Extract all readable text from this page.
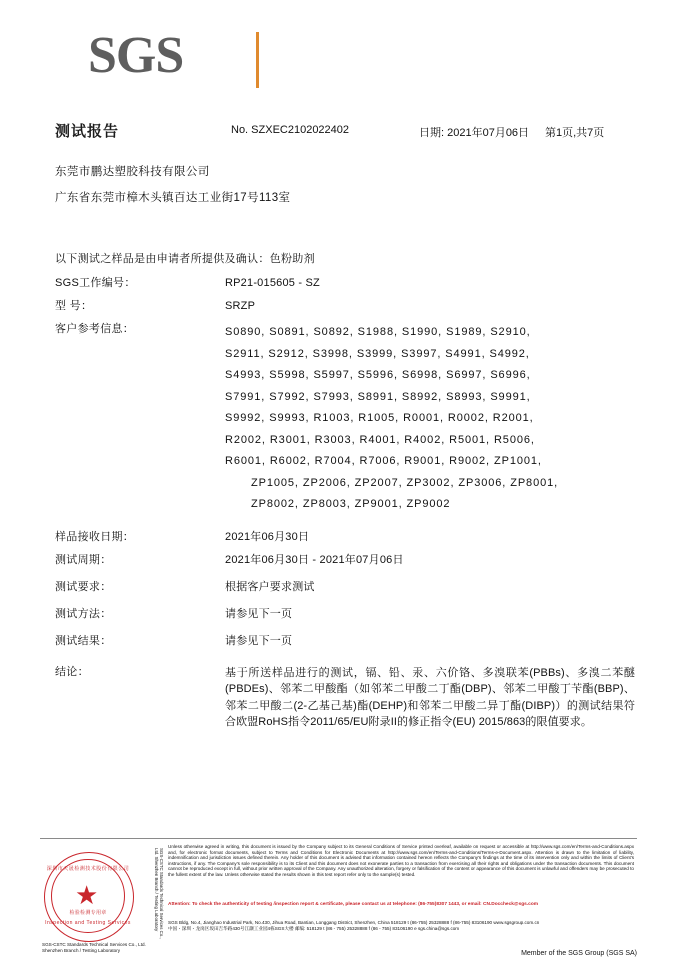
SGS
测试报告	No. SZXEC2102022402	日期: 2021年07月06日 第1页,共7页
东莞市鹏达塑胶科技有限公司
广东省东莞市樟木头镇百达工业街17号113室
以下测试之样品是由申请者所提供及确认：色粉助剂
SGS工作编号：	RP21-015605 - SZ
型 号：	SRZP
客户参考信息：	S0890, S0891, S0892, S1988, S1990, S1989, S2910,
S2911, S2912, S3998, S3999, S3997, S4991, S4992,
S4993, S5998, S5997, S5996, S6998, S6997, S6996,
S7991, S7992, S7993, S8991, S8992, S8993, S9991,
S9992, S9993, R1003, R1005, R0001, R0002, R2001,
R2002, R3001, R3003, R4001, R4002, R5001, R5006,
R6001, R6002, R7004, R7006, R9001, R9002, ZP1001,
ZP1005, ZP2006, ZP2007, ZP3002, ZP3006, ZP8001,
ZP8002, ZP8003, ZP9001, ZP9002
样品接收日期：	2021年06月30日
测试周期：	2021年06月30日 - 2021年07月06日
测试要求：	根据客户要求测试
测试方法：	请参见下一页
测试结果：	请参见下一页
结论：	基于所送样品进行的测试，镉、铅、汞、六价铬、多溴联苯(PBBs)、多溴二苯醚(PBDEs)、邻苯二甲酸酯（如邻苯二甲酸二丁酯(DBP)、邻苯二甲酸丁苄酯(BBP)、邻苯二甲酸二(2-乙基己基)酯(DEHP)和邻苯二甲酸二异丁酯(DIBP)）的测试结果符合欧盟RoHS指令2011/65/EU附录II的修正指令(EU) 2015/863的限值要求。
深圳市天晟检测技术股份有限公司
★
检验检测专用章
Inspection and Testing Services	SGS-CSTC Standards Technical Services Co., Ltd. Shenzhen Branch / Testing Laboratory
Unless otherwise agreed in writing, this document is issued by the Company subject to its General Conditions of Service printed overleaf, available on request or accessible at http://www.sgs.com/en/Terms-and-Conditions.aspx and, for electronic format documents, subject to Terms and Conditions for Electronic Documents at http://www.sgs.com/en/Terms-and-Conditions/Terms-e-Document.aspx. Attention is drawn to the limitation of liability, indemnification and jurisdiction issues defined therein. Any holder of this document is advised that information contained hereon reflects the Company's findings at the time of its intervention only and within the limits of Client's instructions, if any. The Company's sole responsibility is to its Client and this document does not exonerate parties to a transaction from exercising all their rights and obligations under the transaction documents. This document cannot be reproduced except in full, without prior written approval of the Company. Any unauthorized alteration, forgery or falsification of the content or appearance of this document is unlawful and offenders may be prosecuted to the fullest extent of the law. Unless otherwise stated the results shown in this test report refer only to the sample(s) tested.
Attention: To check the authenticity of testing /inspection report & certificate, please contact us at telephone: (86-755)8307 1443, or email: CN.Doccheck@sgs.com
SGS Bldg, No.4, Jianghao Industrial Park, No.430, Jihua Road, Bantian, Longgang District, Shenzhen, China 518129 t (86-755) 25328888 f (86-755) 83106190 www.sgsgroup.com.cn
中国・深圳・龙岗区坂田吉华路430号江灏工业园4栋SGS大楼 邮编: 518129 t (86 - 755) 25328888 f (86 - 755) 83106190 e sgs.china@sgs.com
SGS-CSTC Standards Technical Services Co., Ltd. Shenzhen Branch / Testing Laboratory	Member of the SGS Group (SGS SA)
